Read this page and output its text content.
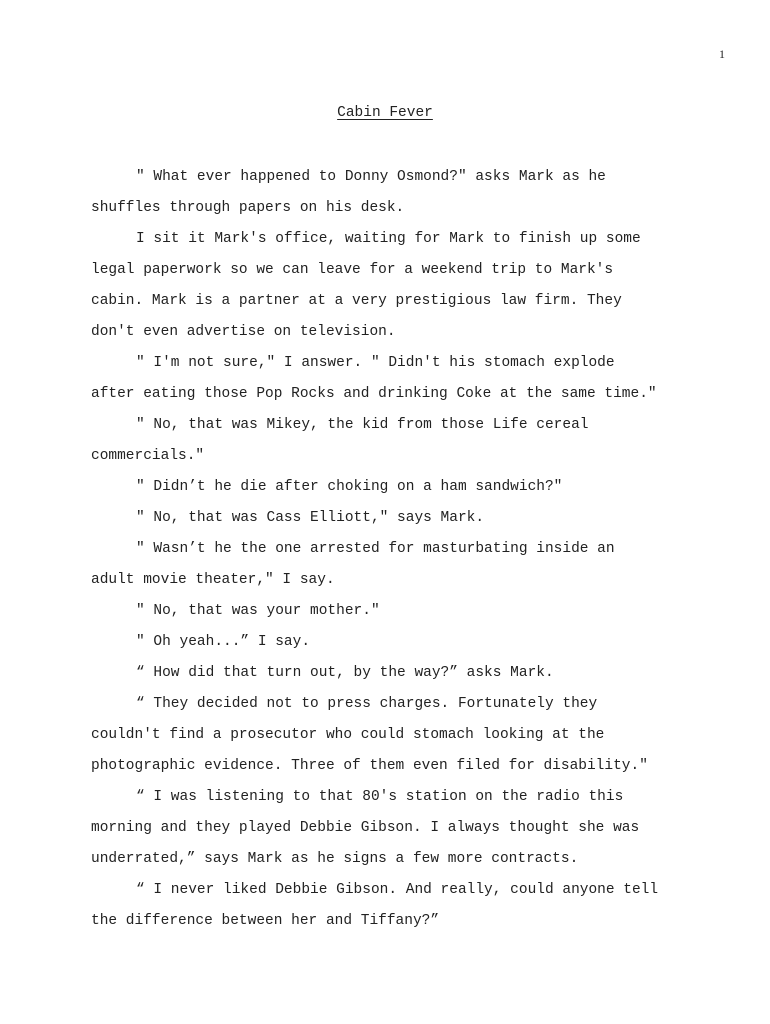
1
Cabin Fever
" What ever happened to Donny Osmond?" asks Mark as he
shuffles through papers on his desk.
I sit it Mark's office, waiting for Mark to finish up some
legal paperwork so we can leave for a weekend trip to Mark's
cabin. Mark is a partner at a very prestigious law firm. They
don't even advertise on television.
" I'm not sure," I answer. " Didn't his stomach explode
after eating those Pop Rocks and drinking Coke at the same time."
" No, that was Mikey, the kid from those Life cereal
commercials."
" Didn’t he die after choking on a ham sandwich?"
" No, that was Cass Elliott," says Mark.
" Wasn’t he the one arrested for masturbating inside an
adult movie theater," I say.
" No, that was your mother."
" Oh yeah...” I say.
“ How did that turn out, by the way?” asks Mark.
“ They decided not to press charges. Fortunately they
couldn't find a prosecutor who could stomach looking at the
photographic evidence. Three of them even filed for disability."
“ I was listening to that 80's station on the radio this
morning and they played Debbie Gibson. I always thought she was
underrated,” says Mark as he signs a few more contracts.
“ I never liked Debbie Gibson. And really, could anyone tell
the difference between her and Tiffany?”
